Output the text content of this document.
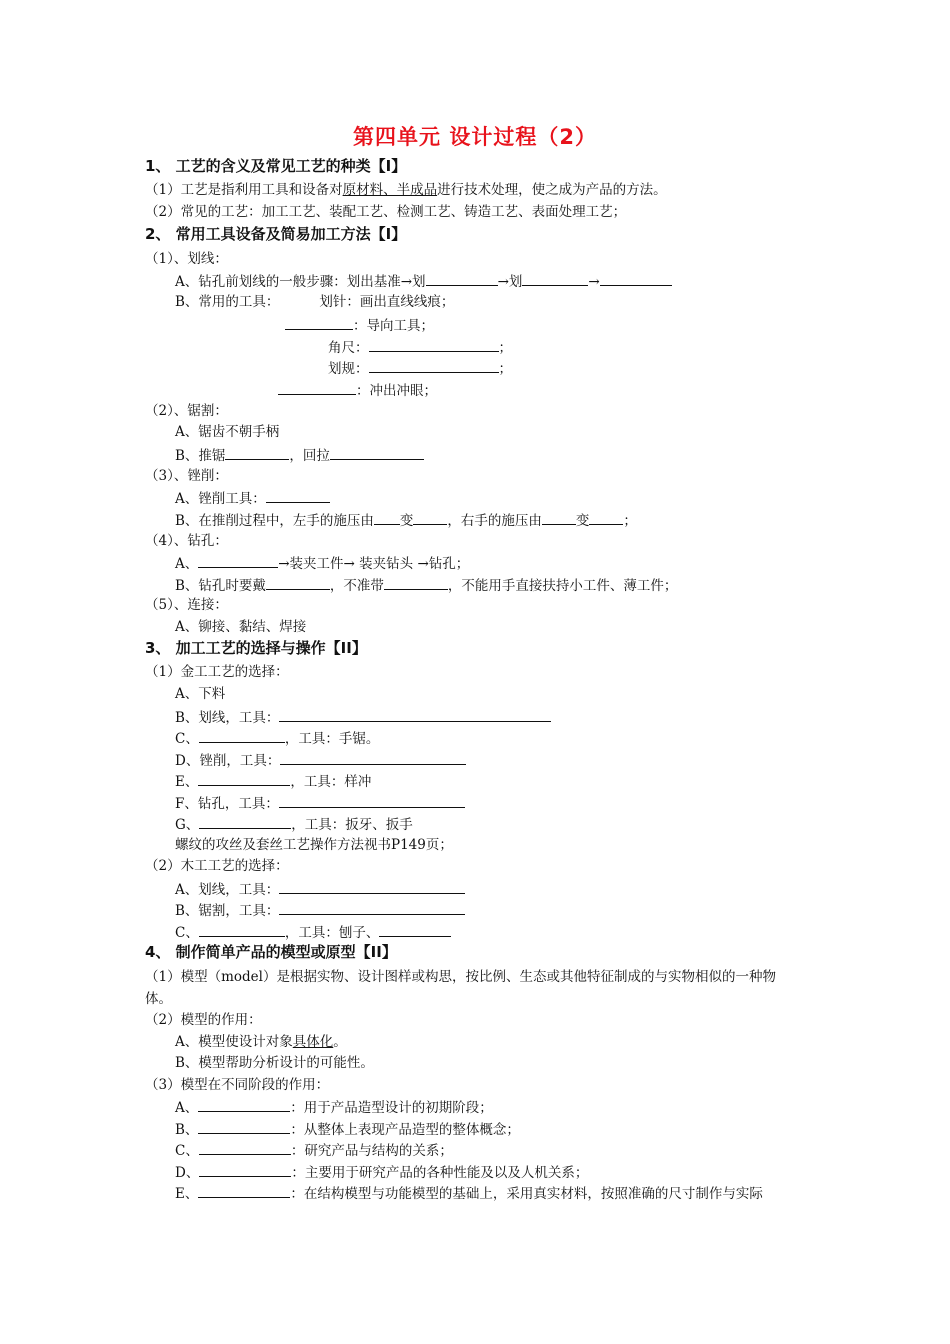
第四单元 设计过程（2）
1、 工艺的含义及常见工艺的种类【I】
（1）工艺是指利用工具和设备对原材料、半成品进行技术处理，使之成为产品的方法。
（2）常见的工艺：加工工艺、装配工艺、检测工艺、铸造工艺、表面处理工艺；
2、 常用工具设备及简易加工方法【I】
（1）、划线：
A、钻孔前划线的一般步骤：划出基准→划	→划	→
B、常用的工具：	划针：画出直线线痕；
：导向工具；
角尺：	；
划规：	；
：冲出冲眼；
（2）、锯割：
A、锯齿不朝手柄
B、推锯	，回拉
（3）、锉削：
A、锉削工具：
B、在推削过程中，左手的施压由 变	，右手的施压由	变	；
（4）、钻孔：
A、	→装夹工件→ 装夹钻头 →钻孔；
B、钻孔时要戴	，不准带	，不能用手直接扶持小工件、薄工件；
（5）、连接：
A、铆接、黏结、焊接
3、 加工工艺的选择与操作【II】
（1）金工工艺的选择：
A、下料
B、划线，工具：
C、	，工具：手锯。
D、锉削，工具：
E、	，工具：样冲
F、钻孔，工具：
G、	，工具：扳牙、扳手
螺纹的攻丝及套丝工艺操作方法视书P149页；
（2）木工工艺的选择：
A、划线，工具：
B、锯割，工具：
C、	，工具：刨子、
4、 制作简单产品的模型或原型【II】
（1）模型（model）是根据实物、设计图样或构思，按比例、生态或其他特征制成的与实物相似的一种物
体。
（2）模型的作用：
A、模型使设计对象具体化。
B、模型帮助分析设计的可能性。
（3）模型在不同阶段的作用：
A、	：用于产品造型设计的初期阶段；
B、	：从整体上表现产品造型的整体概念；
C、	：研究产品与结构的关系；
D、	：主要用于研究产品的各种性能及以及人机关系；
E、	：在结构模型与功能模型的基础上，采用真实材料，按照准确的尺寸制作与实际
